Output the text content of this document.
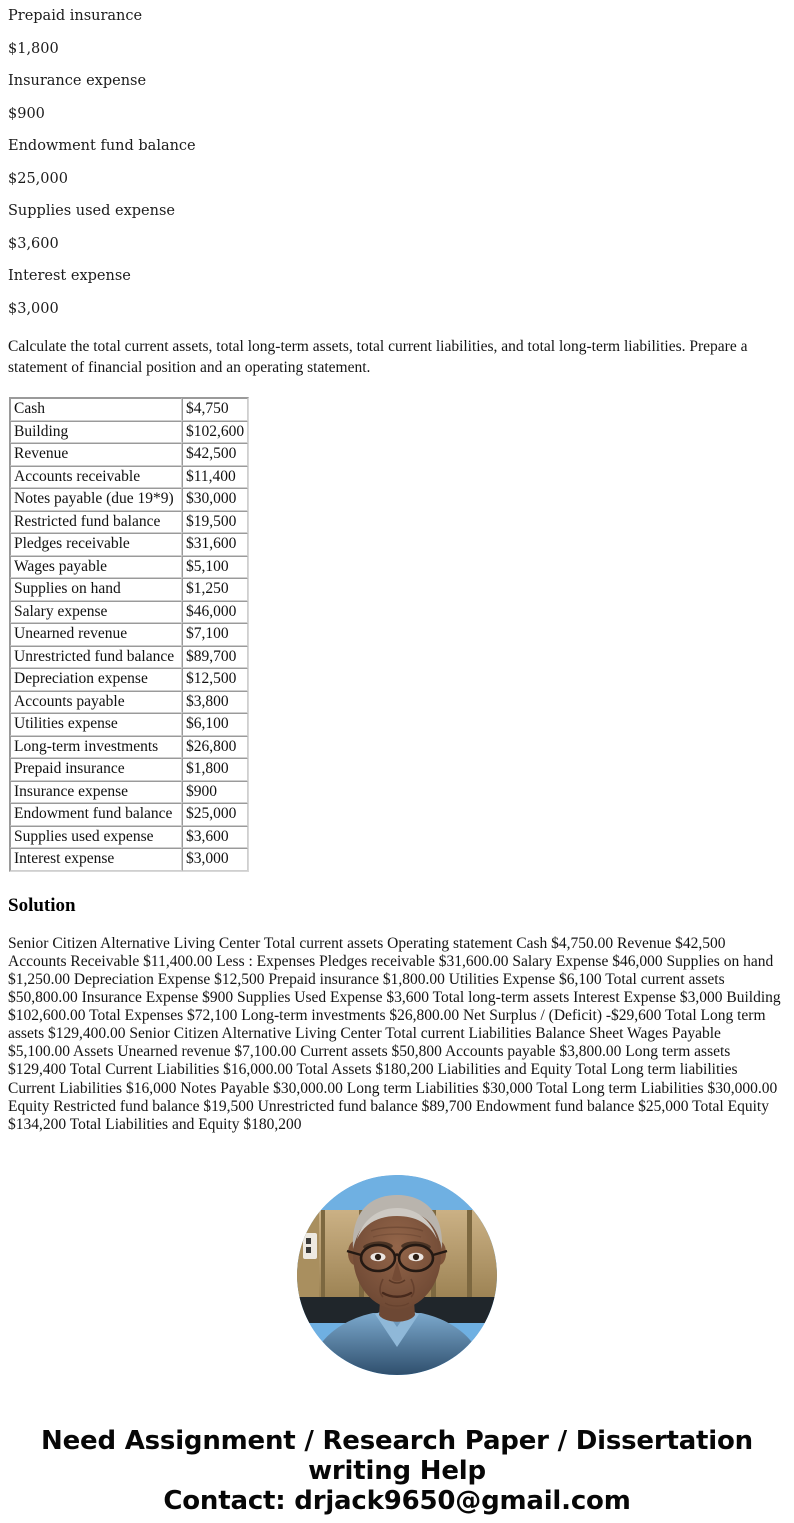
Prepaid insurance

$1,800

Insurance expense

$900

Endowment fund balance

$25,000

Supplies used expense

$3,600

Interest expense

$3,000

Calculate the total current assets, total long-term assets, total current liabilities, and total long-term liabilities. Prepare a statement of financial position and an operating statement.

Cash	$4,750
Building	$102,600
Revenue	$42,500
Accounts receivable	$11,400
Notes payable (due 19*9)	$30,000
Restricted fund balance	$19,500
Pledges receivable	$31,600
Wages payable	$5,100
Supplies on hand	$1,250
Salary expense	$46,000
Unearned revenue	$7,100
Unrestricted fund balance	$89,700
Depreciation expense	$12,500
Accounts payable	$3,800
Utilities expense	$6,100
Long-term investments	$26,800
Prepaid insurance	$1,800
Insurance expense	$900
Endowment fund balance	$25,000
Supplies used expense	$3,600
Interest expense	$3,000
Solution

Senior Citizen Alternative Living Center Total current assets Operating statement Cash $4,750.00 Revenue $42,500 Accounts Receivable $11,400.00 Less : Expenses Pledges receivable $31,600.00 Salary Expense $46,000 Supplies on hand $1,250.00 Depreciation Expense $12,500 Prepaid insurance $1,800.00 Utilities Expense $6,100 Total current assets $50,800.00 Insurance Expense $900 Supplies Used Expense $3,600 Total long-term assets Interest Expense $3,000 Building $102,600.00 Total Expenses $72,100 Long-term investments $26,800.00 Net Surplus / (Deficit) -$29,600 Total Long term assets $129,400.00 Senior Citizen Alternative Living Center Total current Liabilities Balance Sheet Wages Payable $5,100.00 Assets Unearned revenue $7,100.00 Current assets $50,800 Accounts payable $3,800.00 Long term assets $129,400 Total Current Liabilities $16,000.00 Total Assets $180,200 Liabilities and Equity Total Long term liabilities Current Liabilities $16,000 Notes Payable $30,000.00 Long term Liabilities $30,000 Total Long term Liabilities $30,000.00 Equity Restricted fund balance $19,500 Unrestricted fund balance $89,700 Endowment fund balance $25,000 Total Equity $134,200 Total Liabilities and Equity $180,200

Need Assignment / Research Paper / Dissertation
writing Help
Contact: drjack9650@gmail.com
